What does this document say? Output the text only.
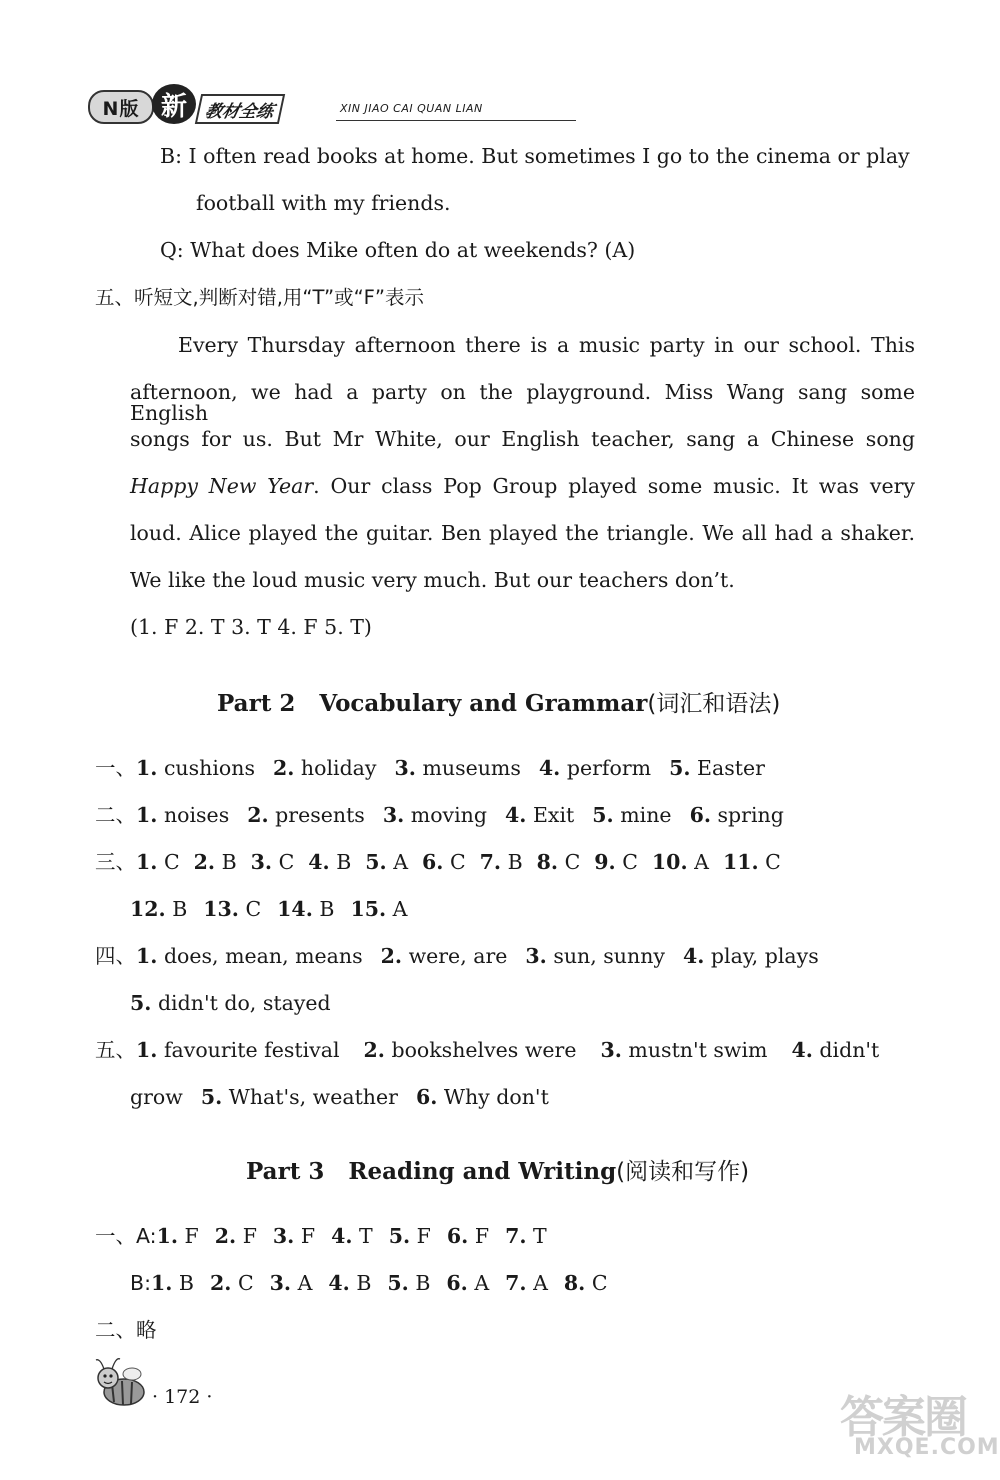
N版 新 教材全练	XIN JIAO CAI QUAN LIAN
B: I often read books at home. But sometimes I go to the cinema or play
football with my friends.
Q: What does Mike often do at weekends? (A)
五、听短文,判断对错,用“T”或“F”表示
Every Thursday afternoon there is a music party in our school. This
afternoon, we had a party on the playground. Miss Wang sang some English
songs for us. But Mr White, our English teacher, sang a Chinese song
Happy New Year. Our class Pop Group played some music. It was very
loud. Alice played the guitar. Ben played the triangle. We all had a shaker.
We like the loud music very much. But our teachers don’t.
(1. F 2. T 3. T 4. F 5. T)
Part 2   Vocabulary and Grammar(词汇和语法)
一、1. cushions 2. holiday 3. museums 4. perform 5. Easter
二、1. noises 2. presents 3. moving 4. Exit 5. mine 6. spring
三、1. C 2. B 3. C 4. B 5. A 6. C 7. B 8. C 9. C 10. A 11. C
12. B 13. C 14. B 15. A
四、1. does, mean, means 2. were, are 3. sun, sunny 4. play, plays
5. didn't do, stayed
五、1. favourite festival 2. bookshelves were 3. mustn't swim 4. didn't
grow 5. What's, weather 6. Why don't
Part 3   Reading and Writing(阅读和写作)
一、A:1. F 2. F 3. F 4. T 5. F 6. F 7. T
B:1. B 2. C 3. A 4. B 5. B 6. A 7. A 8. C
二、略
· 172 ·	答案圈
MXQE.COM
